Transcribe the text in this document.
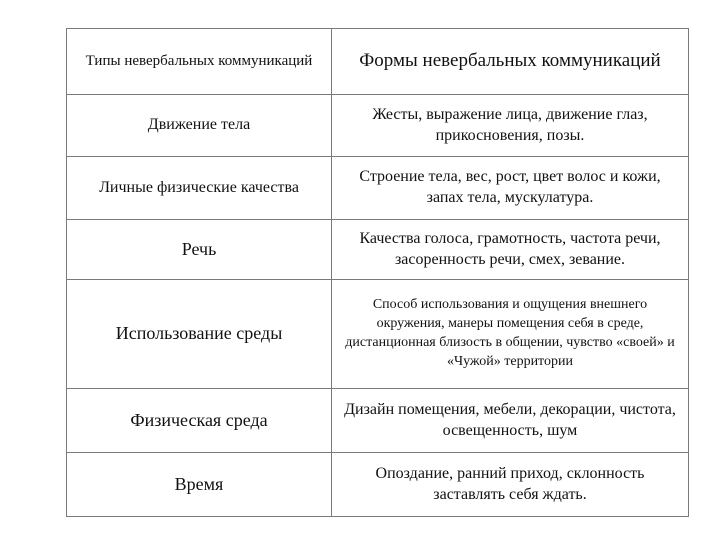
Типы невербальных коммуникаций	Формы невербальных коммуникаций
Движение тела	Жесты, выражение лица, движение глаз, прикосновения, позы.
Личные физические качества	Строение тела, вес, рост, цвет волос и кожи, запах тела, мускулатура.
Речь	Качества голоса, грамотность, частота речи, засоренность речи, смех, зевание.
Использование среды	Способ использования и ощущения внешнего окружения, манеры помещения себя в среде, дистанционная близость в общении, чувство «своей» и «Чужой» территории
Физическая среда	Дизайн помещения, мебели, декорации, чистота, освещенность, шум
Время	Опоздание, ранний приход, склонность заставлять себя ждать.
